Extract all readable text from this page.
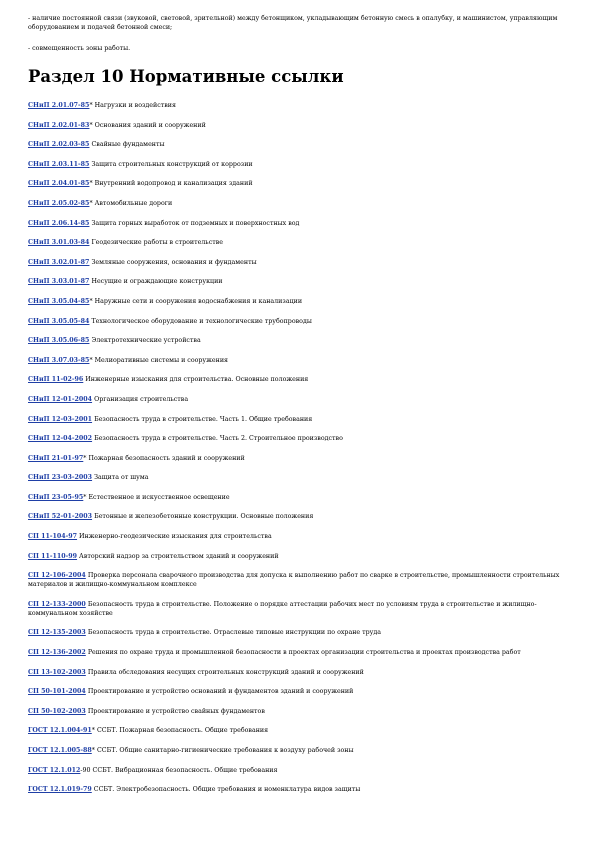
- наличие постоянной связи (звуковой, световой, зрительной) между бетонщиком, укладывающим бетонную смесь в опалубку, и машинистом, управляющим оборудованием и подачей бетонной смеси;

- совмещенность зоны работы.

Раздел 10 Нормативные ссылки
СНиП 2.01.07-85* Нагрузки и воздействия
СНиП 2.02.01-83* Основания зданий и сооружений
СНиП 2.02.03-85 Свайные фундаменты
СНиП 2.03.11-85 Защита строительных конструкций от коррозии
СНиП 2.04.01-85* Внутренний водопровод и канализация зданий
СНиП 2.05.02-85* Автомобильные дороги
СНиП 2.06.14-85 Защита горных выработок от подземных и поверхностных вод
СНиП 3.01.03-84 Геодезические работы в строительстве
СНиП 3.02.01-87 Земляные сооружения, основания и фундаменты
СНиП 3.03.01-87 Несущие и ограждающие конструкции
СНиП 3.05.04-85* Наружные сети и сооружения водоснабжения и канализации
СНиП 3.05.05-84 Технологическое оборудование и технологические трубопроводы
СНиП 3.05.06-85 Электротехнические устройства
СНиП 3.07.03-85* Мелиоративные системы и сооружения
СНиП 11-02-96 Инженерные изыскания для строительства. Основные положения
СНиП 12-01-2004 Организация строительства
СНиП 12-03-2001 Безопасность труда в строительстве. Часть 1. Общие требования
СНиП 12-04-2002 Безопасность труда в строительстве. Часть 2. Строительное производство
СНиП 21-01-97* Пожарная безопасность зданий и сооружений
СНиП 23-03-2003 Защита от шума
СНиП 23-05-95* Естественное и искусственное освещение
СНиП 52-01-2003 Бетонные и железобетонные конструкции. Основные положения
СП 11-104-97 Инженерно-геодезические изыскания для строительства
СП 11-110-99 Авторский надзор за строительством зданий и сооружений
СП 12-106-2004 Проверка персонала сварочного производства для допуска к выполнению работ по сварке в строительстве, промышленности строительных материалов и жилищно-коммунальном комплексе
СП 12-133-2000 Безопасность труда в строительстве. Положение о порядке аттестации рабочих мест по условиям труда в строительстве и жилищно-коммунальном хозяйстве
СП 12-135-2003 Безопасность труда в строительстве. Отраслевые типовые инструкции по охране труда
СП 12-136-2002 Решения по охране труда и промышленной безопасности в проектах организации строительства и проектах производства работ
СП 13-102-2003 Правила обследования несущих строительных конструкций зданий и сооружений
СП 50-101-2004 Проектирование и устройство оснований и фундаментов зданий и сооружений
СП 50-102-2003 Проектирование и устройство свайных фундаментов
ГОСТ 12.1.004-91* ССБТ. Пожарная безопасность. Общие требования
ГОСТ 12.1.005-88* ССБТ. Общие санитарно-гигиенические требования к воздуху рабочей зоны
ГОСТ 12.1.012-90 ССБТ. Вибрационная безопасность. Общие требования
ГОСТ 12.1.019-79 ССБТ. Электробезопасность. Общие требования и номенклатура видов защиты
